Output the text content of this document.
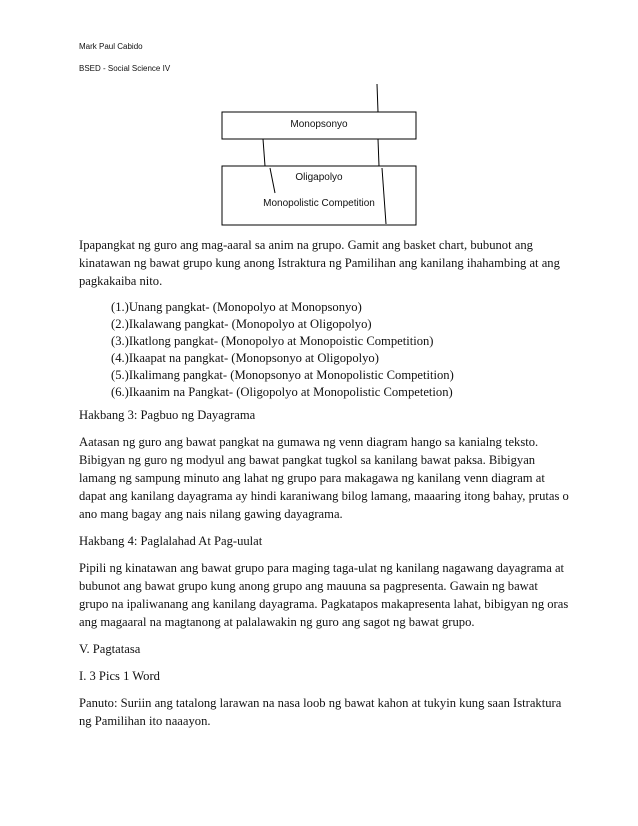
Mark Paul Cabido
BSED - Social Science IV
Monopsonyo
Oligapolyo
Monopolistic Competition

Ipapangkat ng guro ang mag-aaral sa anim na grupo. Gamit ang basket chart, bubunot ang kinatawan ng bawat grupo kung anong Istraktura ng Pamilihan ang kanilang ihahambing at ang pagkakaiba nito.

(1.)Unang pangkat- (Monopolyo at Monopsonyo)
(2.)Ikalawang pangkat- (Monopolyo at Oligopolyo)
(3.)Ikatlong pangkat- (Monopolyo at Monopoistic Competition)
(4.)Ikaapat na pangkat- (Monopsonyo at Oligopolyo)
(5.)Ikalimang pangkat- (Monopsonyo at Monopolistic Competition)
(6.)Ikaanim na Pangkat- (Oligopolyo at Monopolistic Competetion)

Hakbang 3: Pagbuo ng Dayagrama

Aatasan ng guro ang bawat pangkat na gumawa ng venn diagram hango sa kanialng teksto. Bibigyan ng guro ng modyul ang bawat pangkat tugkol sa kanilang bawat paksa. Bibigyan lamang ng sampung minuto ang lahat ng grupo para makagawa ng kanilang venn diagram at dapat ang kanilang dayagrama ay hindi karaniwang bilog lamang, maaaring itong bahay, prutas o ano mang bagay ang nais nilang gawing dayagrama.

Hakbang 4: Paglalahad At Pag-uulat

Pipili ng kinatawan ang bawat grupo para maging taga-ulat ng kanilang nagawang dayagrama at bubunot ang bawat grupo kung anong grupo ang mauuna sa pagpresenta. Gawain ng bawat grupo na ipaliwanang ang kanilang dayagrama. Pagkatapos makapresenta lahat, bibigyan ng oras ang magaaral na magtanong at palalawakin ng guro ang sagot ng bawat grupo.

V. Pagtatasa

I. 3 Pics 1 Word

Panuto: Suriin ang tatalong larawan na nasa loob ng bawat kahon at tukyin kung saan Istraktura ng Pamilihan ito naaayon.
